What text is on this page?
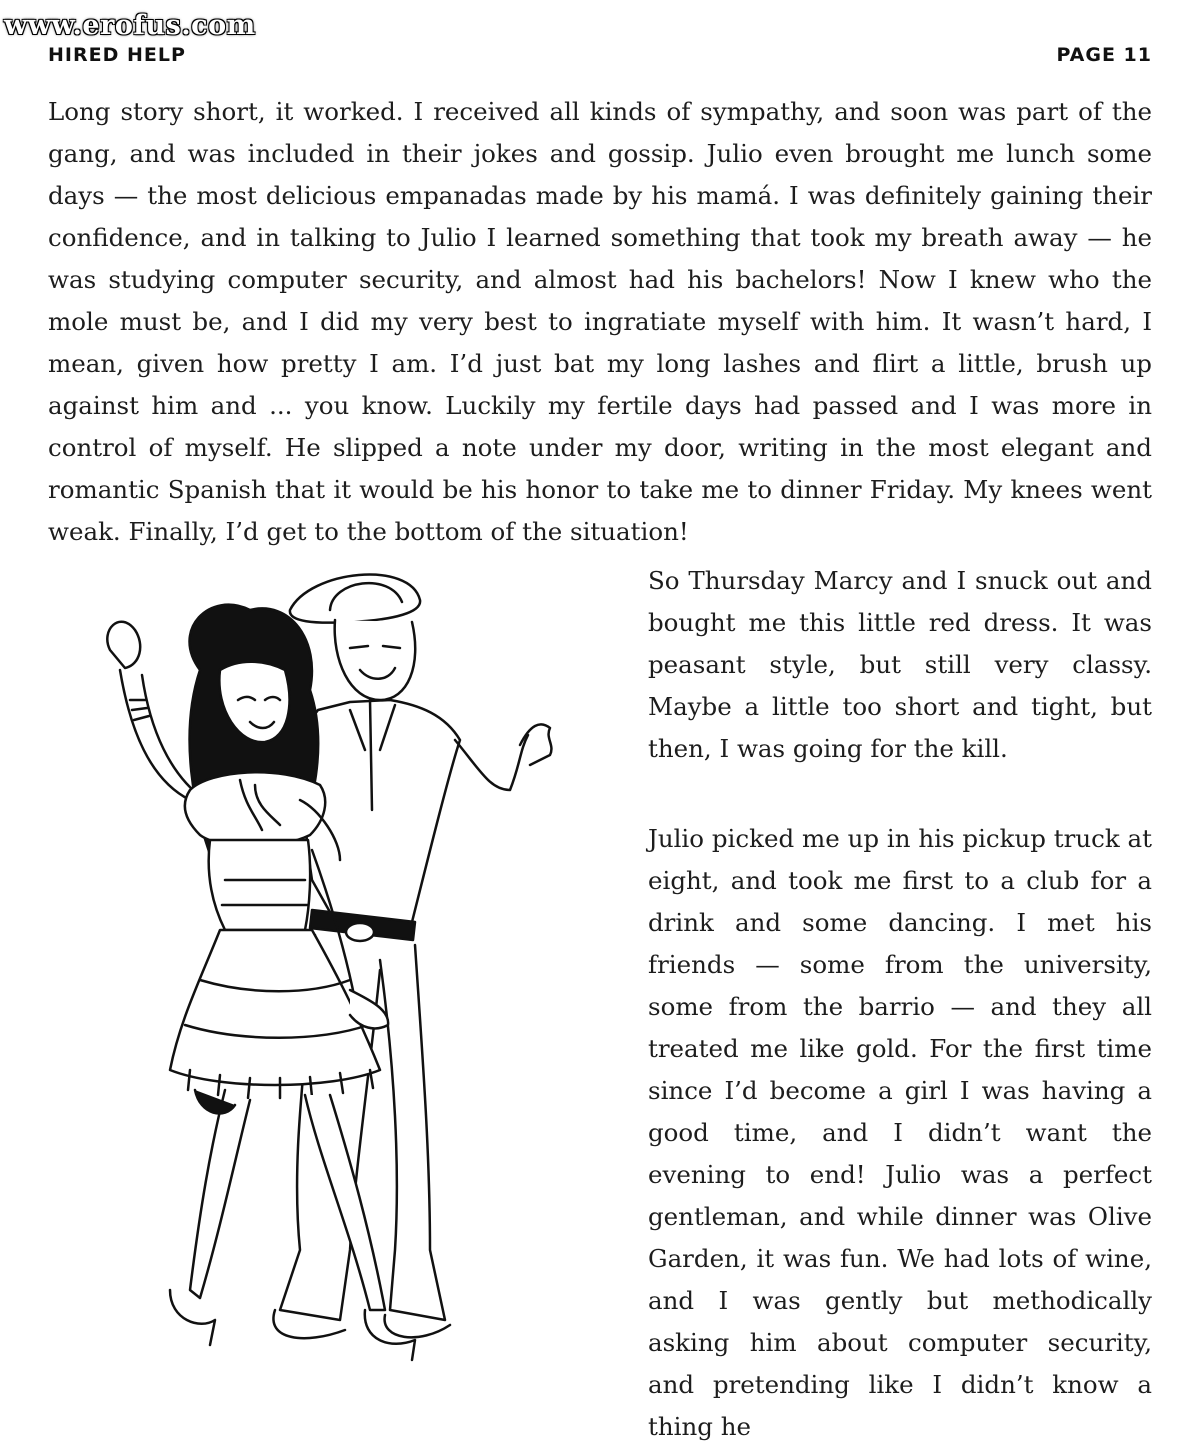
www.erofus.com
HIRED HELP	PAGE 11

Long story short, it worked. I received all kinds of sympathy, and soon was part of the gang, and was included in their jokes and gossip. Julio even brought me lunch some days — the most delicious empanadas made by his mamá. I was definitely gaining their confidence, and in talking to Julio I learned something that took my breath away — he was studying computer security, and almost had his bachelors! Now I knew who the mole must be, and I did my very best to ingratiate myself with him. It wasn’t hard, I mean, given how pretty I am. I’d just bat my long lashes and flirt a little, brush up against him and ... you know. Luckily my fertile days had passed and I was more in control of myself. He slipped a note under my door, writing in the most elegant and romantic Spanish that it would be his honor to take me to dinner Friday. My knees went weak. Finally, I’d get to the bottom of the situation!

So Thursday Marcy and I snuck out and bought me this little red dress. It was peasant style, but still very classy. Maybe a little too short and tight, but then, I was going for the kill.

Julio picked me up in his pickup truck at eight, and took me first to a club for a drink and some dancing. I met his friends — some from the university, some from the barrio — and they all treated me like gold. For the first time since I’d become a girl I was having a good time, and I didn’t want the evening to end! Julio was a perfect gentleman, and while dinner was Olive Garden, it was fun. We had lots of wine, and I was gently but methodically asking him about computer security, and pretending like I didn’t know a thing he
